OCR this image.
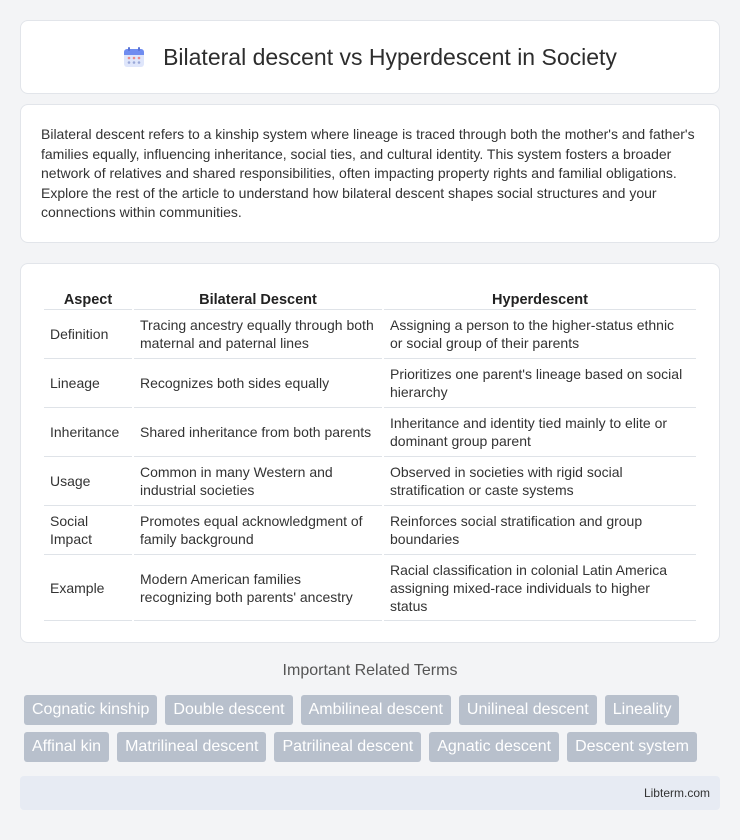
Bilateral descent vs Hyperdescent in Society

Bilateral descent refers to a kinship system where lineage is traced through both the mother's and father's families equally, influencing inheritance, social ties, and cultural identity. This system fosters a broader network of relatives and shared responsibilities, often impacting property rights and familial obligations. Explore the rest of the article to understand how bilateral descent shapes social structures and your connections within communities.

Aspect	Bilateral Descent	Hyperdescent
Definition	Tracing ancestry equally through both maternal and paternal lines	Assigning a person to the higher-status ethnic or social group of their parents
Lineage	Recognizes both sides equally	Prioritizes one parent's lineage based on social hierarchy
Inheritance	Shared inheritance from both parents	Inheritance and identity tied mainly to elite or dominant group parent
Usage	Common in many Western and industrial societies	Observed in societies with rigid social stratification or caste systems
Social Impact	Promotes equal acknowledgment of family background	Reinforces social stratification and group boundaries
Example	Modern American families recognizing both parents' ancestry	Racial classification in colonial Latin America assigning mixed-race individuals to higher status
Important Related Terms
Cognatic kinship	Double descent	Ambilineal descent	Unilineal descent	Lineality
Affinal kin	Matrilineal descent	Patrilineal descent	Agnatic descent	Descent system
Libterm.com
